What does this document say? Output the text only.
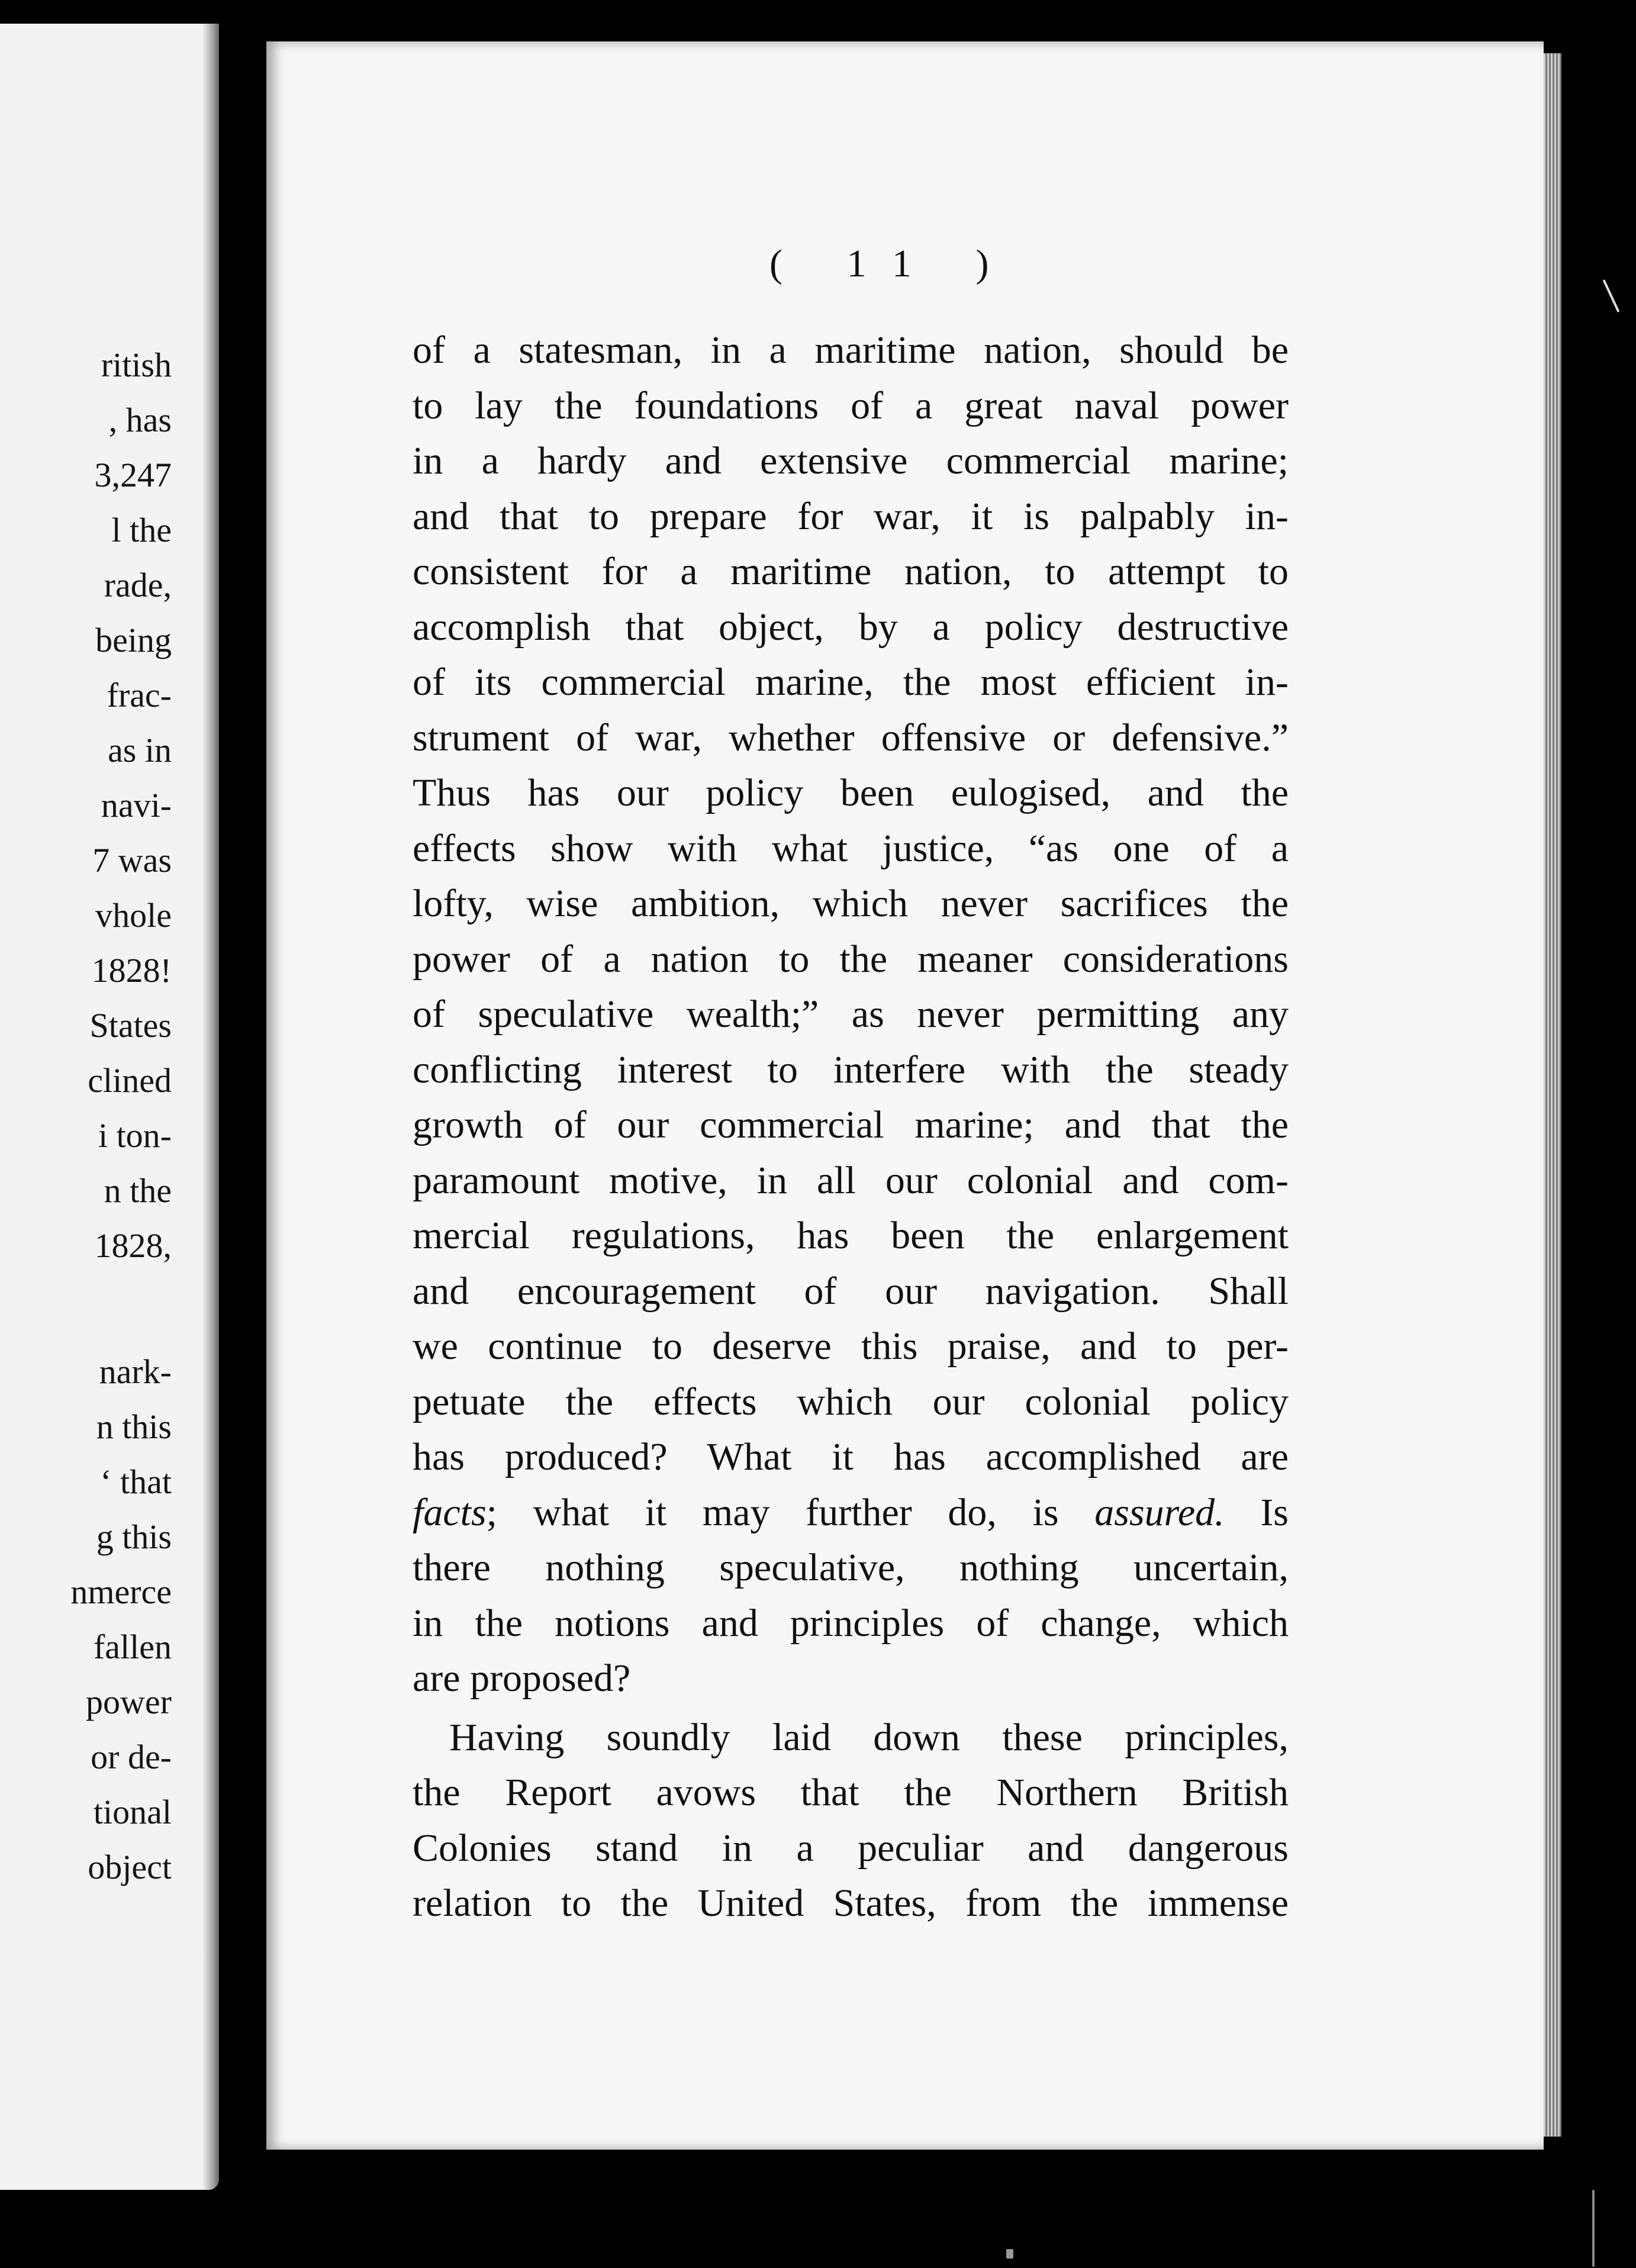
ritish
, has
3,247
l the
rade,
being
frac-
as in
navi-
7 was
vhole
1828!
States
clined
i ton-
n the
1828,
nark-
n this
‘ that
g this
nmerce
fallen
power
or de-
tional
object
( 11 )
of a statesman, in a maritime nation, should be
to lay the foundations of a great naval power
in a hardy and extensive commercial marine;
and that to prepare for war, it is palpably in-
consistent for a maritime nation, to attempt to
accomplish that object, by a policy destructive
of its commercial marine, the most efficient in-
strument of war, whether offensive or defensive.”
Thus has our policy been eulogised, and the
effects show with what justice, “as one of a
lofty, wise ambition, which never sacrifices the
power of a nation to the meaner considerations
of speculative wealth;” as never permitting any
conflicting interest to interfere with the steady
growth of our commercial marine; and that the
paramount motive, in all our colonial and com-
mercial regulations, has been the enlargement
and encouragement of our navigation. Shall
we continue to deserve this praise, and to per-
petuate the effects which our colonial policy
has produced? What it has accomplished are
facts; what it may further do, is assured. Is
there nothing speculative, nothing uncertain,
in the notions and principles of change, which
are proposed?
Having soundly laid down these principles,
the Report avows that the Northern British
Colonies stand in a peculiar and dangerous
relation to the United States, from the immense
